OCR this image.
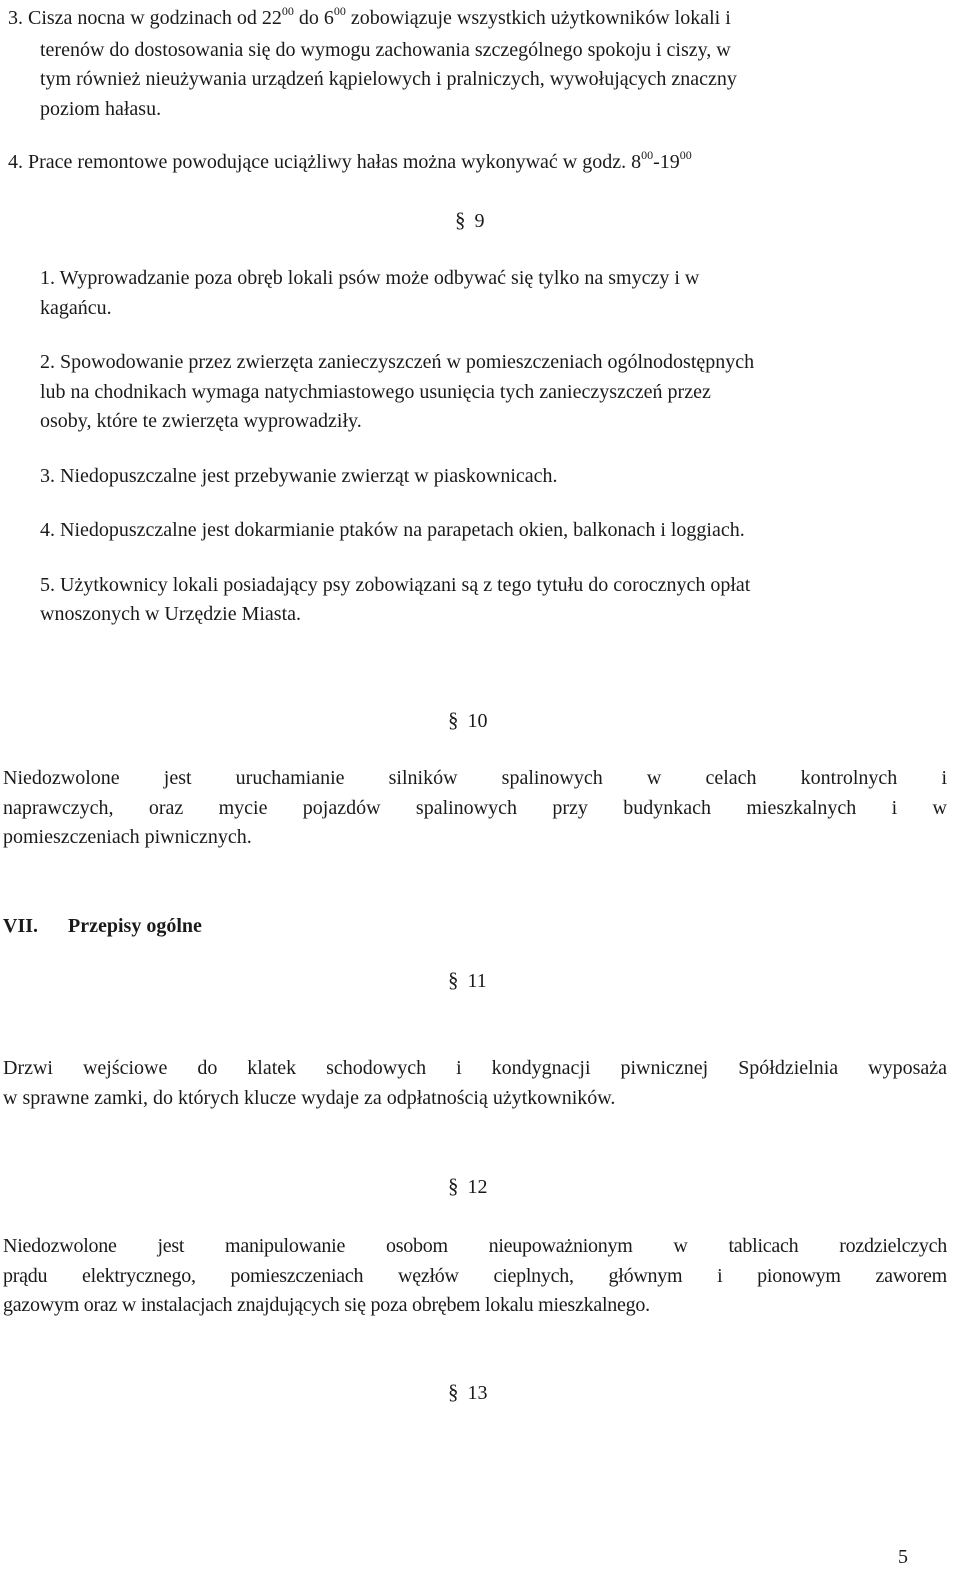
3. Cisza nocna w godzinach od $22^{00}$ do $6^{00}$ zobowiązuje wszystkich użytkowników lokali i
terenów do dostosowania się do wymogu zachowania szczególnego spokoju i ciszy, w
tym również nieużywania urządzeń kąpielowych i pralniczych, wywołujących znaczny
poziom hałasu.
4. Prace remontowe powodujące uciążliwy hałas można wykonywać w godz. $8^{00}-19^{00}$
§ 9
1. Wyprowadzanie poza obręb lokali psów może odbywać się tylko na smyczy i w
kagańcu.
2. Spowodowanie przez zwierzęta zanieczyszczeń w pomieszczeniach ogólnodostępnych
lub na chodnikach wymaga natychmiastowego usunięcia tych zanieczyszczeń przez
osoby, które te zwierzęta wyprowadziły.
3. Niedopuszczalne jest przebywanie zwierząt w piaskownicach.
4. Niedopuszczalne jest dokarmianie ptaków na parapetach okien, balkonach i loggiach.
5. Użytkownicy lokali posiadający psy zobowiązani są z tego tytułu do corocznych opłat
wnoszonych w Urzędzie Miasta.
§ 10
Niedozwolone jest uruchamianie silników spalinowych w celach kontrolnych i
naprawczych, oraz mycie pojazdów spalinowych przy budynkach mieszkalnych i w
pomieszczeniach piwnicznych.
VII. Przepisy ogólne
§ 11
Drzwi wejściowe do klatek schodowych i kondygnacji piwnicznej Spółdzielnia wyposaża
w sprawne zamki, do których klucze wydaje za odpłatnością użytkowników.
§ 12
Niedozwolone jest manipulowanie osobom nieupoważnionym w tablicach rozdzielczych
prądu elektrycznego, pomieszczeniach węzłów cieplnych, głównym i pionowym zaworem
gazowym oraz w instalacjach znajdujących się poza obrębem lokalu mieszkalnego.
§ 13
5
